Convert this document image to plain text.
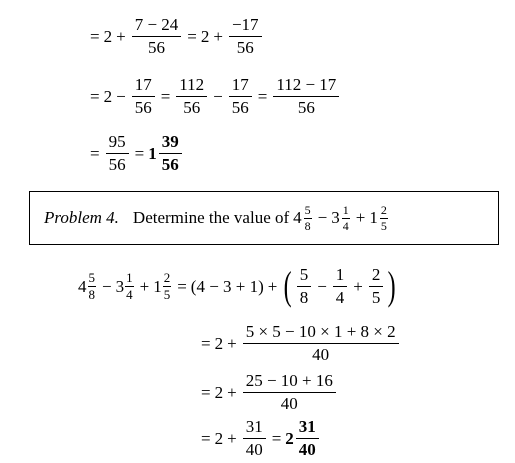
= $2 + \frac{7 - 24}{56} = 2 + \frac{-17}{56}$
= $2 - \frac{17}{56} = \frac{112}{56} - \frac{17}{56} = \frac{112 - 17}{56}$
= $\frac{95}{56} = 1 \frac{39}{56}$
Problem 4. Determine the value of $4 \frac{5}{8} - 3 \frac{1}{4} + 1 \frac{2}{5}$
$4 \frac{5}{8} - 3 \frac{1}{4} + 1 \frac{2}{5} = (4 - 3 + 1)$ + ( $\frac{5}{8} - \frac{1}{4} + \frac{2}{5}$ )
= $2 + \frac{5 \times 5 - 10 \times 1 + 8 \times 2}{40}$
= $2 + \frac{25 - 10 + 16}{40}$
= $2 + \frac{31}{40} = 2 \frac{31}{40}$
